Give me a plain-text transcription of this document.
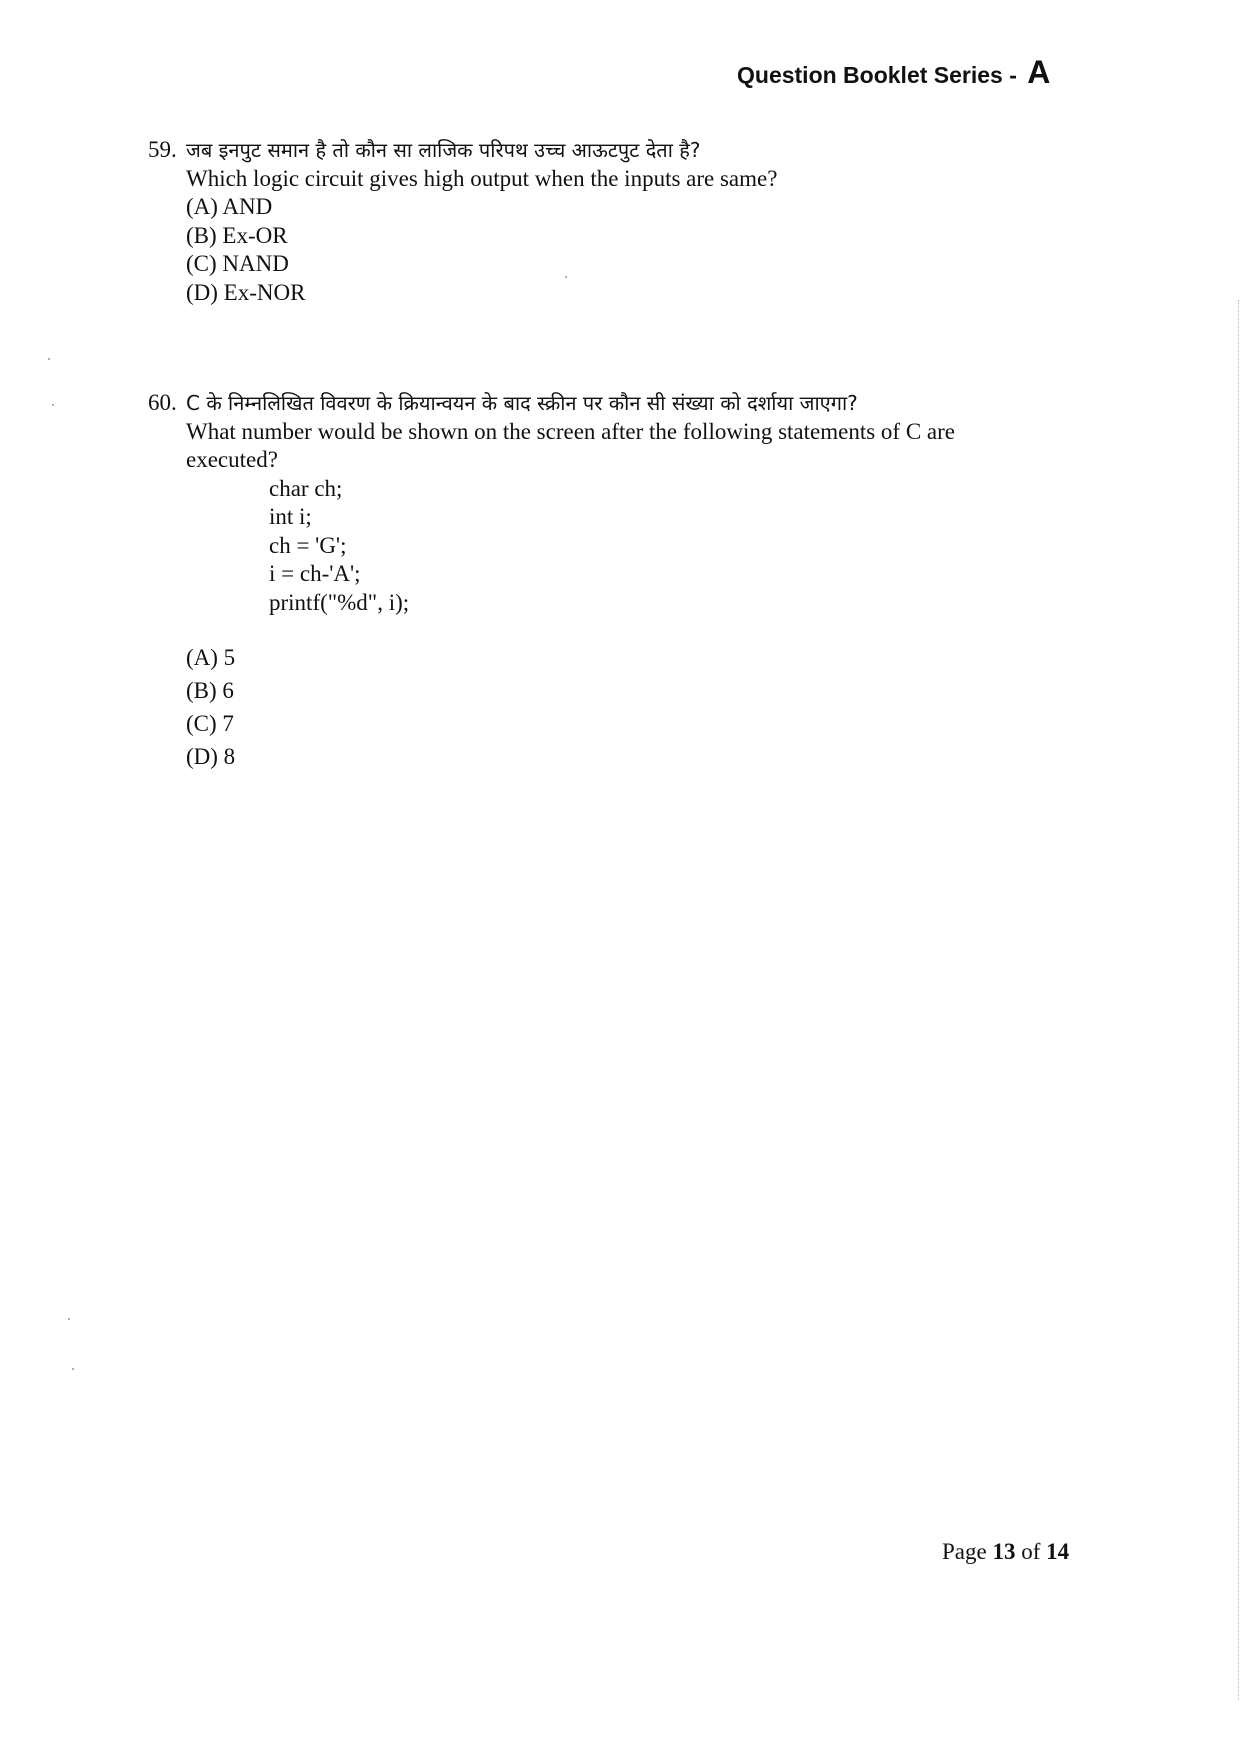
Question Booklet Series - A
59. जब इनपुट समान है तो कौन सा लाजिक परिपथ उच्च आऊटपुट देता है?
Which logic circuit gives high output when the inputs are same?
(A) AND
(B) Ex-OR
(C) NAND
(D) Ex-NOR
60. C के निम्नलिखित विवरण के क्रियान्वयन के बाद स्क्रीन पर कौन सी संख्या को दर्शाया जाएगा?
What number would be shown on the screen after the following statements of C are
executed?
char ch;
int i;
ch = 'G';
i = ch-'A';
printf("%d", i);
(A) 5
(B) 6
(C) 7
(D) 8
Page 13 of 14
